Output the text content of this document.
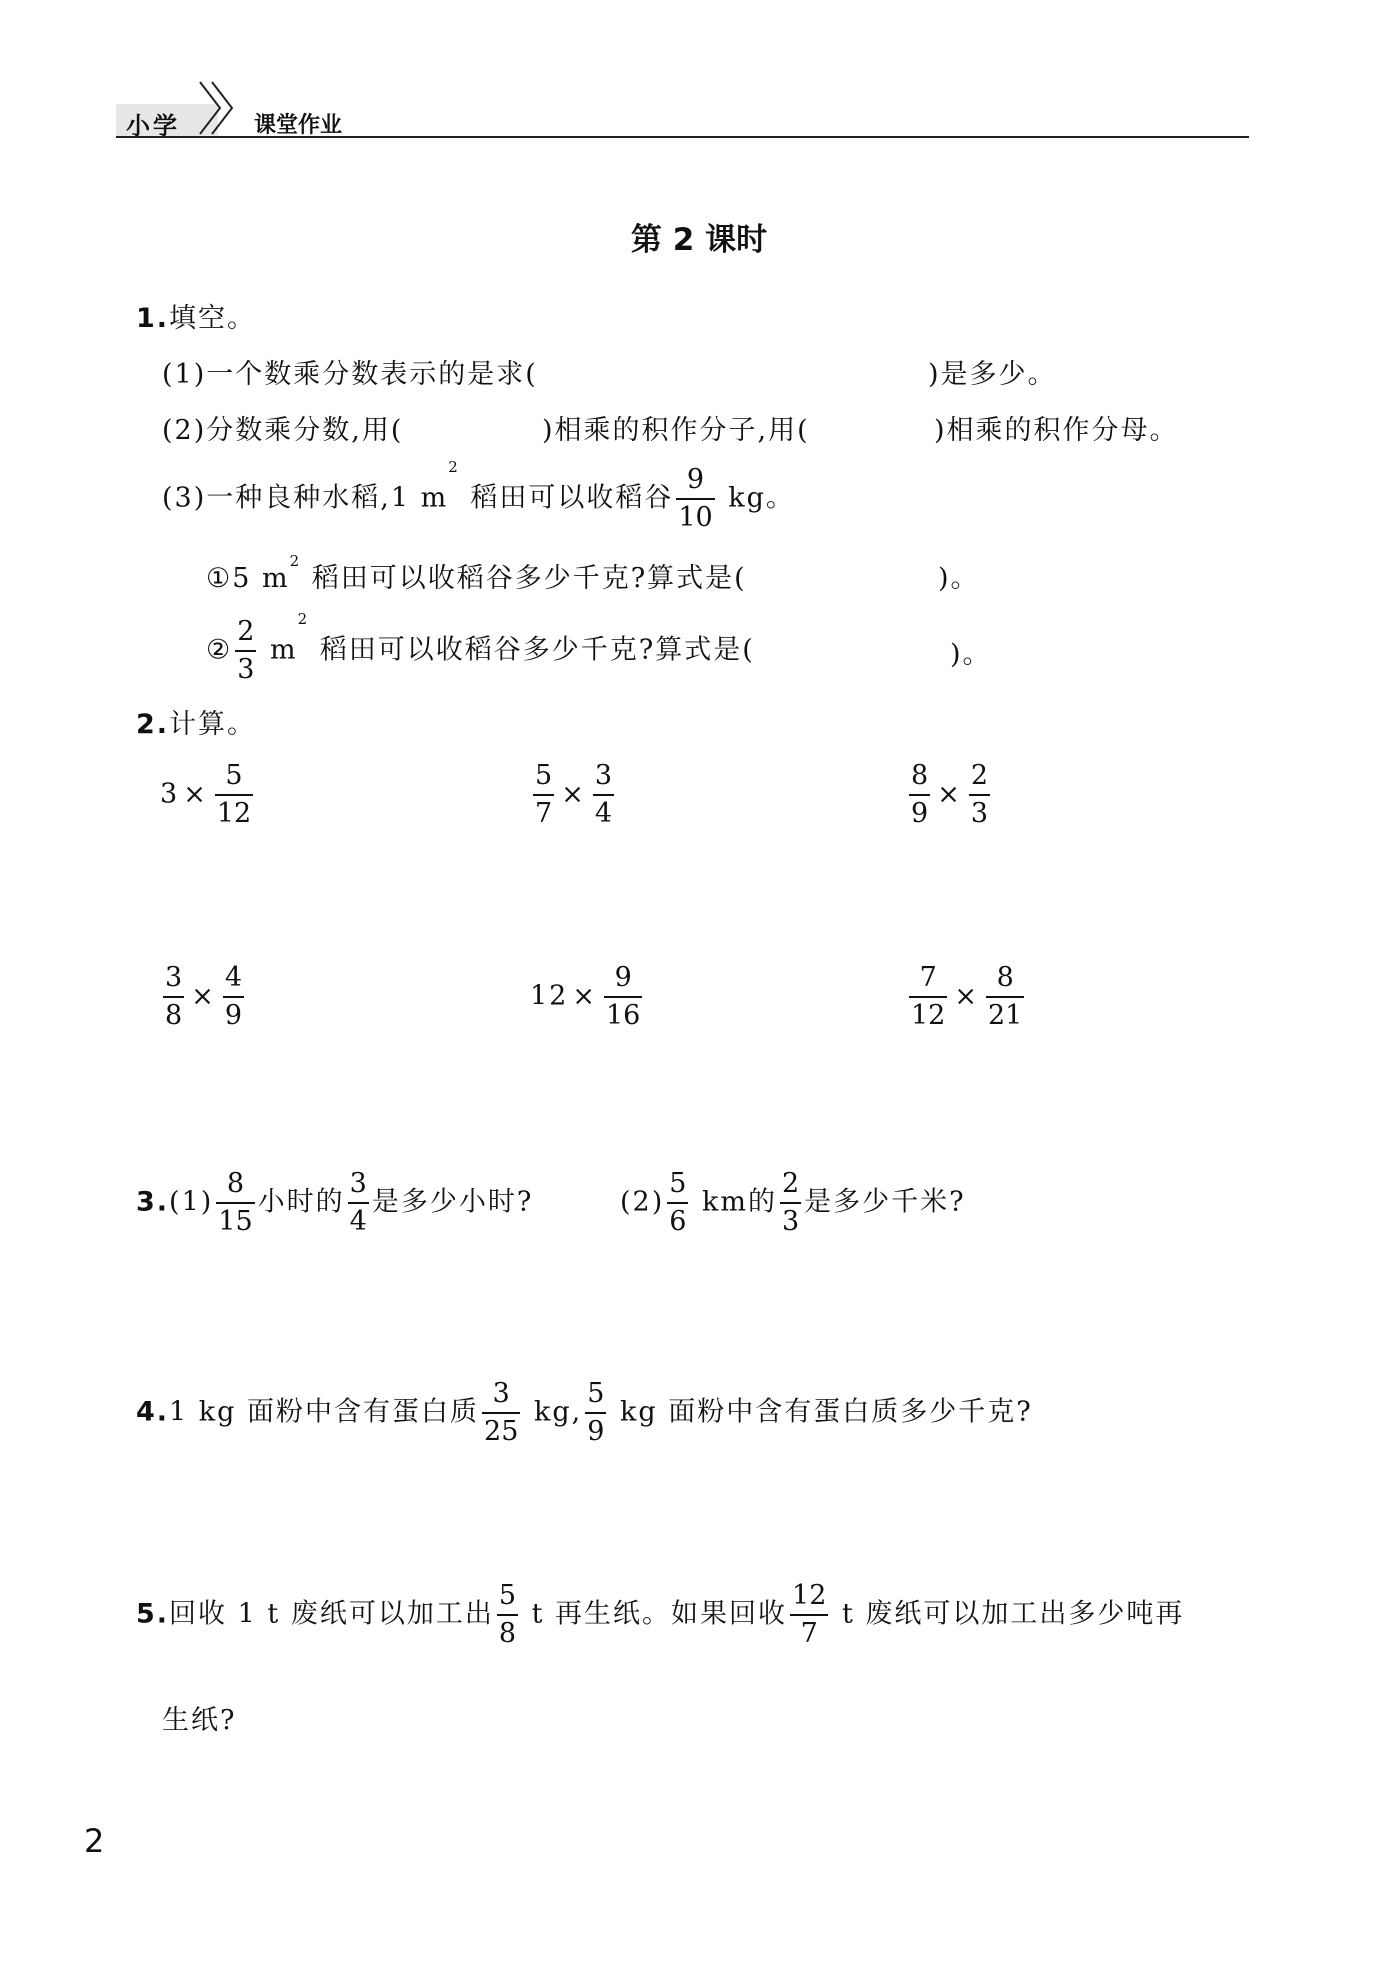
小学	课堂作业
第 2 课时
1.填空。
(1)一个数乘分数表示的是求(	)是多少。
(2)分数乘分数,用(	)相乘的积作分子,用(	)相乘的积作分母。
(3)一种良种水稻,1 $m^2$ 稻田可以收稻谷 $\frac{9}{10}$ kg。
①5 $m^2$ 稻田可以收稻谷多少千克?算式是(	)。
② $\frac{2}{3} m^2$ 稻田可以收稻谷多少千克?算式是(	)。
2.计算。
$3 \times \frac{5}{12}$	$\frac{5}{7} \times \frac{3}{4}$	$\frac{8}{9} \times \frac{2}{3}$
$\frac{3}{8} \times \frac{4}{9}$	$12 \times \frac{9}{16}$	$\frac{7}{12} \times \frac{8}{21}$
$3.(1) \frac{8}{15}$ 小时的 $\frac{3}{4}$ 是多少小时?	$(2) \frac{5}{6}$ km的 $\frac{2}{3}$ 是多少千米?
4.1 kg 面粉中含有蛋白质 $\frac{3}{25}$ kg, $\frac{5}{9}$ kg 面粉中含有蛋白质多少千克?
5.回收 1 t 废纸可以加工出 $\frac{5}{8}$ t 再生纸。如果回收 $\frac{12}{7}$ t 废纸可以加工出多少吨再
生纸?
2
